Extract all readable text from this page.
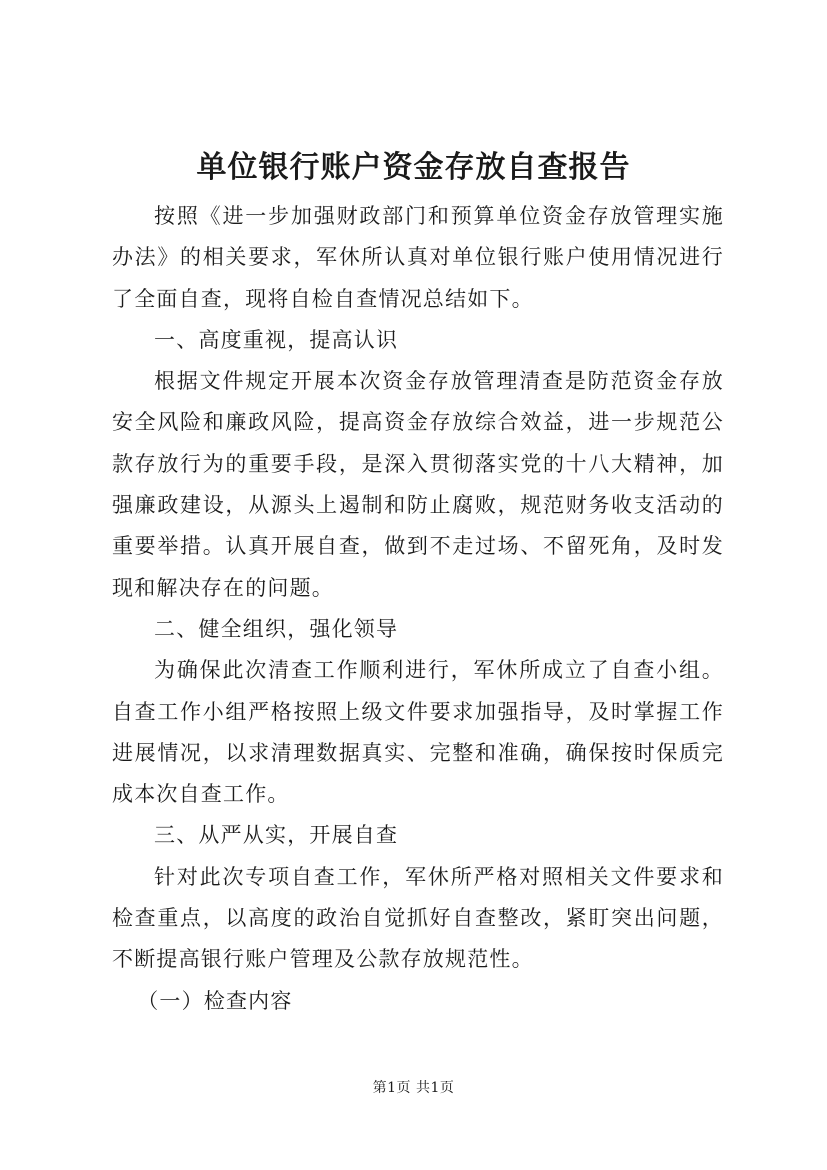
单位银行账户资金存放自查报告

按照《进一步加强财政部门和预算单位资金存放管理实施办法》的相关要求，军休所认真对单位银行账户使用情况进行了全面自查，现将自检自查情况总结如下。

一、高度重视，提高认识

根据文件规定开展本次资金存放管理清查是防范资金存放安全风险和廉政风险，提高资金存放综合效益，进一步规范公款存放行为的重要手段，是深入贯彻落实党的十八大精神，加强廉政建设，从源头上遏制和防止腐败，规范财务收支活动的重要举措。认真开展自查，做到不走过场、不留死角，及时发现和解决存在的问题。

二、健全组织，强化领导

为确保此次清查工作顺利进行，军休所成立了自查小组。自查工作小组严格按照上级文件要求加强指导，及时掌握工作进展情况，以求清理数据真实、完整和准确，确保按时保质完成本次自查工作。

三、从严从实，开展自查

针对此次专项自查工作，军休所严格对照相关文件要求和检查重点，以高度的政治自觉抓好自查整改，紧盯突出问题，不断提高银行账户管理及公款存放规范性。

（一）检查内容

第1页 共1页
